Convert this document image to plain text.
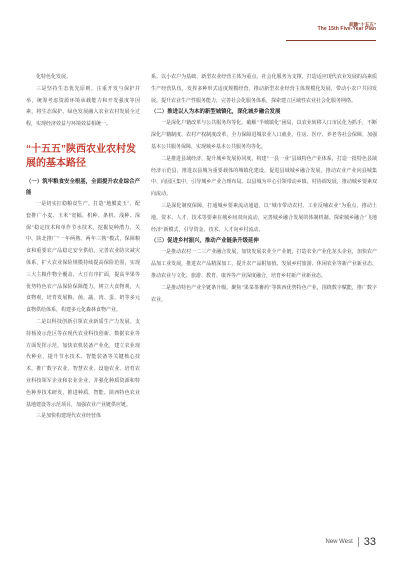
前瞻“十五五”
The 15th Five-Year Plan

化特色化发展。

三是坚持生态优先原则。注重开发与保护并举，统筹考虑资源环境承载能力和开发强度等因素，将生态保护、绿色发展融入农业农村发展全过程，实现经济效益与环境效益相统一。

“十五五”陕西农业农村发展的基本路径

（一）筑牢粮食安全根基，全面提升农业综合产能

一是切实扛稳粮食生产。打造“地膜麦玉”，配套推广小麦、玉米“宽幅、机种、条机、浅种、深保”稳定技术和单作节水技术。挖掘复种潜力，关中、陕北推广“一年两熟、两年三熟”模式，保障粮食和重要农产品稳定安全供给。完善农业防灾减灾体系，扩大农业保险规模持续提高保险范围，实现三大主粮作物全覆盖、大豆有序扩面，提高苹果等优势特色农产品保险保障能力。树立大食物观，大食物观，培育发展粮、菌、蔬、肉、蛋、奶等多元食物供给体系，构建多元化森林食物产业。

二是以科技创新引领农业新质生产力发展。支持杨凌示范区等在现代农业科技创新、数据农业等方面发挥示范，加快农机装备产业化，建立农业现代种业，提升节水技术、智能装备等关键核心技术，推广数字农业、智慧农业、设施农业、培育农业科技领军企业和农业企业，并强化种质资源和特色种养技术研发，推进种质、智能、陕西特色农业基地建设等示范项目，加强农业产业链供应链。

三是加快构建现代农业经营体

系。以小农户为基础，新型农业经营主体为重点，社会化服务为支撑，打造适应现代农业发展的高素质生产经营队伍，发挥多种形式适度规模经营，推动新型农业经营主体规模化发展，带动小农户共同发展。提升农业生产性服务能力，完善社会化服务体系，探索建立区域性农业社会化服务网络。

（二）推进以人为本的新型城镇化，深化城乡融合发展

一是深化户籍改革与公共服务均等化。破解“半城镇化”困局，以农业转移人口市民化为抓手，不断深化户籍制度、农村产权制度改革，全力保障进城农业人口就业，住房、医疗、养老等社会保障，加强基本公共服务保障，实现城乡基本公共服务均等化。

二是推进县域经济，提升城乡发展协同度。构建“一县一业”县域特色产业体系，打造一批特色县域经济示范县，推进以县城为重要载体的城镇化建设，促进县域城乡融合发展，推动农业产业向县城集中、向园区集中，引导城乡产业合理布局。以县城为中心引领带动乡镇、村协调发展，推动城乡要素双向流动。

三是深化制度保障，打通城乡要素流动通道。以“城市带动农村、工业反哺农业”为重点，推动土地、资本、人才、技术等要素在城乡间双向流动，完善城乡融合发展的体制机制。探索城乡融合“飞地经济”新模式，引导资金、技术、人才向乡村流动。

（三）促进乡村振兴，推动产业链条升级延伸

一是推动农村一二三产业融合发展，加快发展农业全产业链，打造农业产业化龙头企业，加快农产品加工业发展，推进农产品精深加工，提升农产品附加值。发展乡村旅游、休闲农业等新产业新业态，推动农业与文化、旅游、教育、康养等产业深度融合，培育乡村新产业新业态。

二是推动特色产业全链条升级。聚焦“果菜茶畜药”等陕西优势特色产业，围绕数字赋能，推广数字农业。

New West 33
